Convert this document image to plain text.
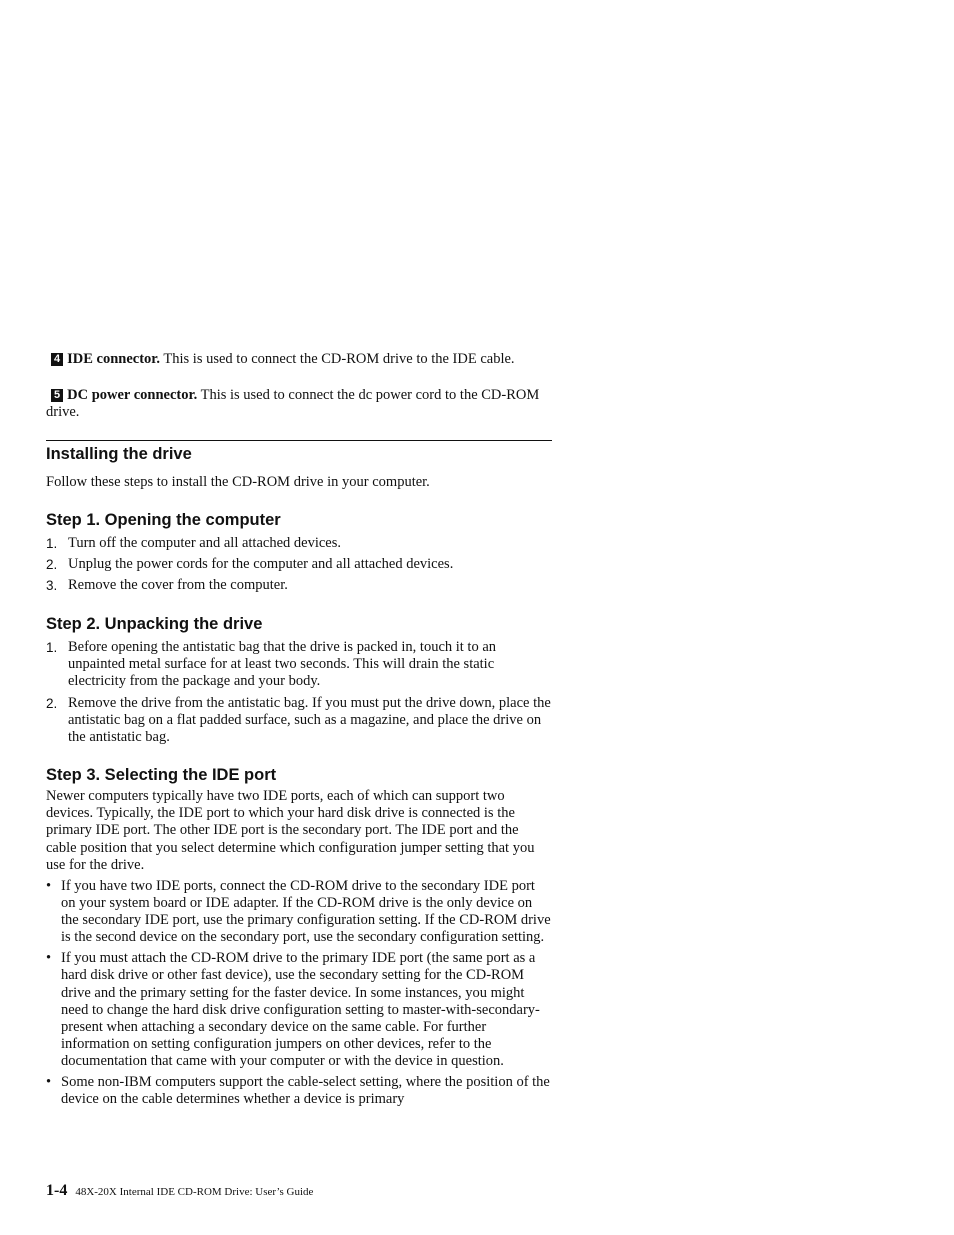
4 IDE connector. This is used to connect the CD-ROM drive to the IDE cable.
5 DC power connector. This is used to connect the dc power cord to the CD-ROM drive.
Installing the drive
Follow these steps to install the CD-ROM drive in your computer.
Step 1. Opening the computer
1. Turn off the computer and all attached devices.
2. Unplug the power cords for the computer and all attached devices.
3. Remove the cover from the computer.
Step 2. Unpacking the drive
1. Before opening the antistatic bag that the drive is packed in, touch it to an unpainted metal surface for at least two seconds. This will drain the static electricity from the package and your body.
2. Remove the drive from the antistatic bag. If you must put the drive down, place the antistatic bag on a flat padded surface, such as a magazine, and place the drive on the antistatic bag.
Step 3. Selecting the IDE port
Newer computers typically have two IDE ports, each of which can support two devices. Typically, the IDE port to which your hard disk drive is connected is the primary IDE port. The other IDE port is the secondary port. The IDE port and the cable position that you select determine which configuration jumper setting that you use for the drive.
• If you have two IDE ports, connect the CD-ROM drive to the secondary IDE port on your system board or IDE adapter. If the CD-ROM drive is the only device on the secondary IDE port, use the primary configuration setting. If the CD-ROM drive is the second device on the secondary port, use the secondary configuration setting.
• If you must attach the CD-ROM drive to the primary IDE port (the same port as a hard disk drive or other fast device), use the secondary setting for the CD-ROM drive and the primary setting for the faster device. In some instances, you might need to change the hard disk drive configuration setting to master-with-secondary-present when attaching a secondary device on the same cable. For further information on setting configuration jumpers on other devices, refer to the documentation that came with your computer or with the device in question.
• Some non-IBM computers support the cable-select setting, where the position of the device on the cable determines whether a device is primary
1-4 48X-20X Internal IDE CD-ROM Drive: User’s Guide
